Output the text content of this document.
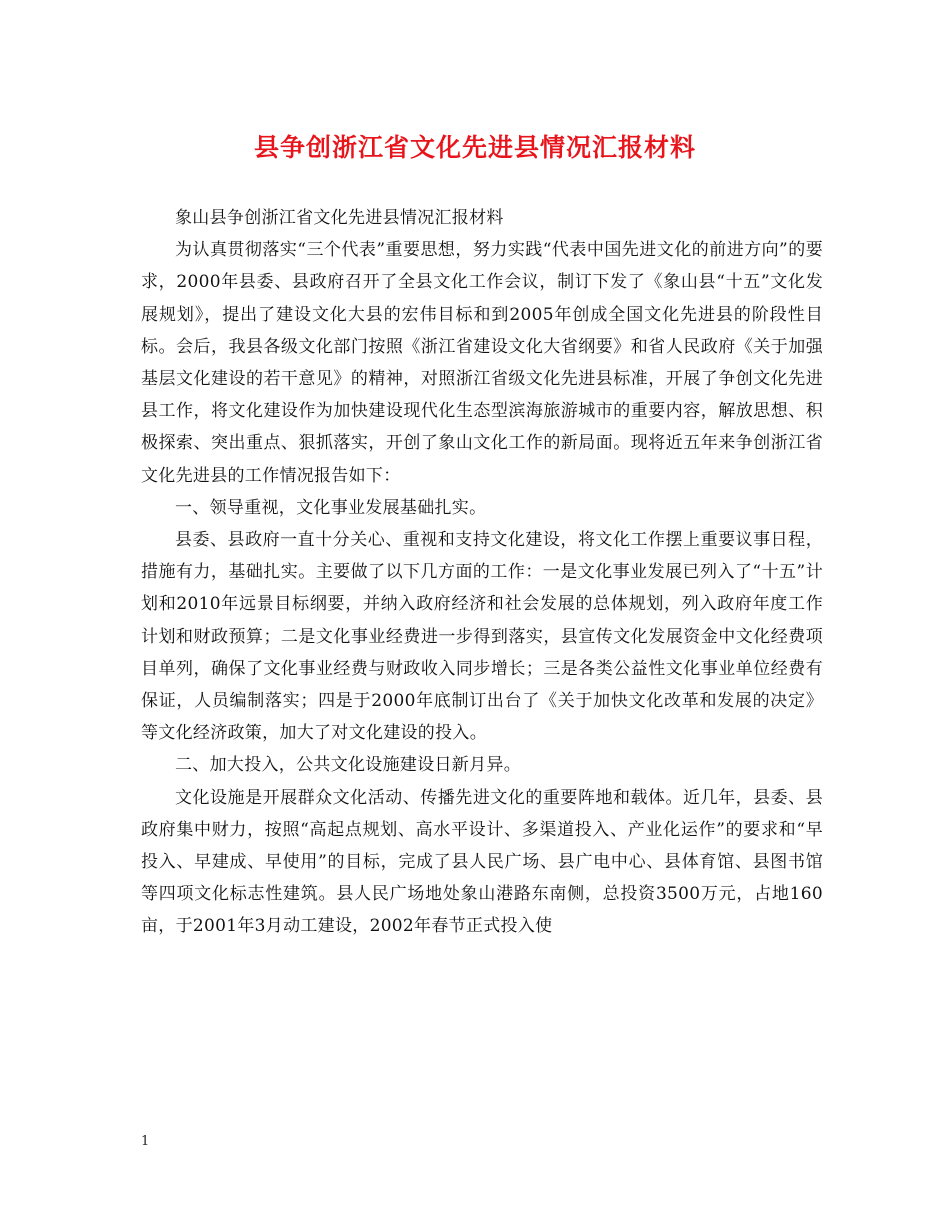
县争创浙江省文化先进县情况汇报材料

象山县争创浙江省文化先进县情况汇报材料

为认真贯彻落实“三个代表”重要思想，努力实践“代表中国先进文化的前进方向”的要求，2000年县委、县政府召开了全县文化工作会议，制订下发了《象山县“十五”文化发展规划》，提出了建设文化大县的宏伟目标和到2005年创成全国文化先进县的阶段性目标。会后，我县各级文化部门按照《浙江省建设文化大省纲要》和省人民政府《关于加强基层文化建设的若干意见》的精神，对照浙江省级文化先进县标准，开展了争创文化先进县工作，将文化建设作为加快建设现代化生态型滨海旅游城市的重要内容，解放思想、积极探索、突出重点、狠抓落实，开创了象山文化工作的新局面。现将近五年来争创浙江省文化先进县的工作情况报告如下：

一、领导重视，文化事业发展基础扎实。

县委、县政府一直十分关心、重视和支持文化建设，将文化工作摆上重要议事日程，措施有力，基础扎实。主要做了以下几方面的工作：一是文化事业发展已列入了“十五”计划和2010年远景目标纲要，并纳入政府经济和社会发展的总体规划，列入政府年度工作计划和财政预算；二是文化事业经费进一步得到落实，县宣传文化发展资金中文化经费项目单列，确保了文化事业经费与财政收入同步增长；三是各类公益性文化事业单位经费有保证，人员编制落实；四是于2000年底制订出台了《关于加快文化改革和发展的决定》等文化经济政策，加大了对文化建设的投入。

二、加大投入，公共文化设施建设日新月异。

文化设施是开展群众文化活动、传播先进文化的重要阵地和载体。近几年，县委、县政府集中财力，按照“高起点规划、高水平设计、多渠道投入、产业化运作”的要求和“早投入、早建成、早使用”的目标，完成了县人民广场、县广电中心、县体育馆、县图书馆等四项文化标志性建筑。县人民广场地处象山港路东南侧，总投资3500万元，占地160亩，于2001年3月动工建设，2002年春节正式投入使

1
